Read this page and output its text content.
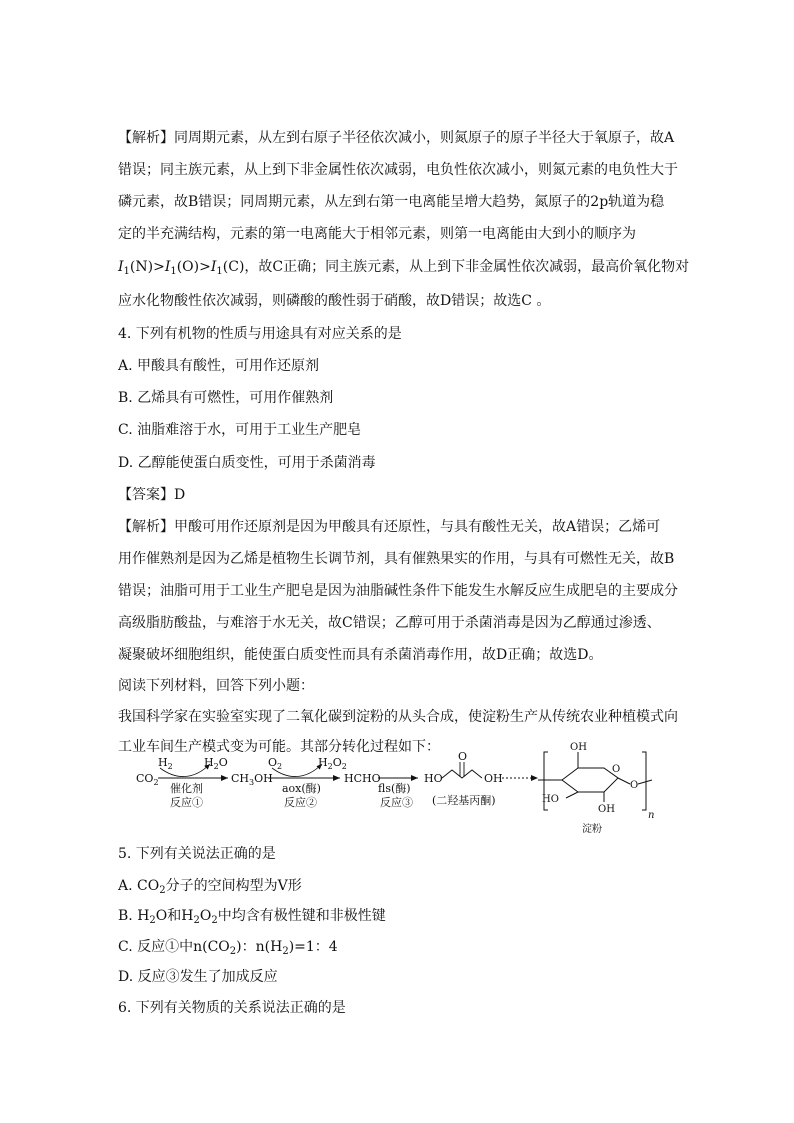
【解析】同周期元素，从左到右原子半径依次减小，则氮原子的原子半径大于氧原子，故A
错误；同主族元素，从上到下非金属性依次减弱，电负性依次减小，则氮元素的电负性大于
磷元素，故B错误；同周期元素，从左到右第一电离能呈增大趋势，氮原子的2p轨道为稳
定的半充满结构，元素的第一电离能大于相邻元素，则第一电离能由大到小的顺序为
$I_1(N)>I_1(O)>I_1(C)$，故C正确；同主族元素，从上到下非金属性依次减弱，最高价氧化物对
应水化物酸性依次减弱，则磷酸的酸性弱于硝酸，故D错误；故选C 。
4. 下列有机物的性质与用途具有对应关系的是
A. 甲酸具有酸性，可用作还原剂
B. 乙烯具有可燃性，可用作催熟剂
C. 油脂难溶于水，可用于工业生产肥皂
D. 乙醇能使蛋白质变性，可用于杀菌消毒
【答案】D
【解析】甲酸可用作还原剂是因为甲酸具有还原性，与具有酸性无关，故A错误；乙烯可
用作催熟剂是因为乙烯是植物生长调节剂，具有催熟果实的作用，与具有可燃性无关，故B
错误；油脂可用于工业生产肥皂是因为油脂碱性条件下能发生水解反应生成肥皂的主要成分
高级脂肪酸盐，与难溶于水无关，故C错误；乙醇可用于杀菌消毒是因为乙醇通过渗透、
凝聚破坏细胞组织，能使蛋白质变性而具有杀菌消毒作用，故D正确；故选D。
阅读下列材料，回答下列小题：
我国科学家在实验室实现了二氧化碳到淀粉的从头合成，使淀粉生产从传统农业种植模式向
工业车间生产模式变为可能。其部分转化过程如下：
$CO_2$
$H_2$	$H_2O$
催化剂
反应①
$CH_3OH$
$O_2$	$H_2O_2$
aox(酶)
反应②
HCHO
fls(酶)
反应③
HO
O
OH
(二羟基丙酮)
O
OH
HO
OH
O
n
淀粉
5. 下列有关说法正确的是
A. $CO_2$分子的空间构型为V形
B. $H_2O$和$H_2O_2$中均含有极性键和非极性键
C. 反应①中$n(CO_2)$：$n(H_2)=1$：4
D. 反应③发生了加成反应
6. 下列有关物质的关系说法正确的是
